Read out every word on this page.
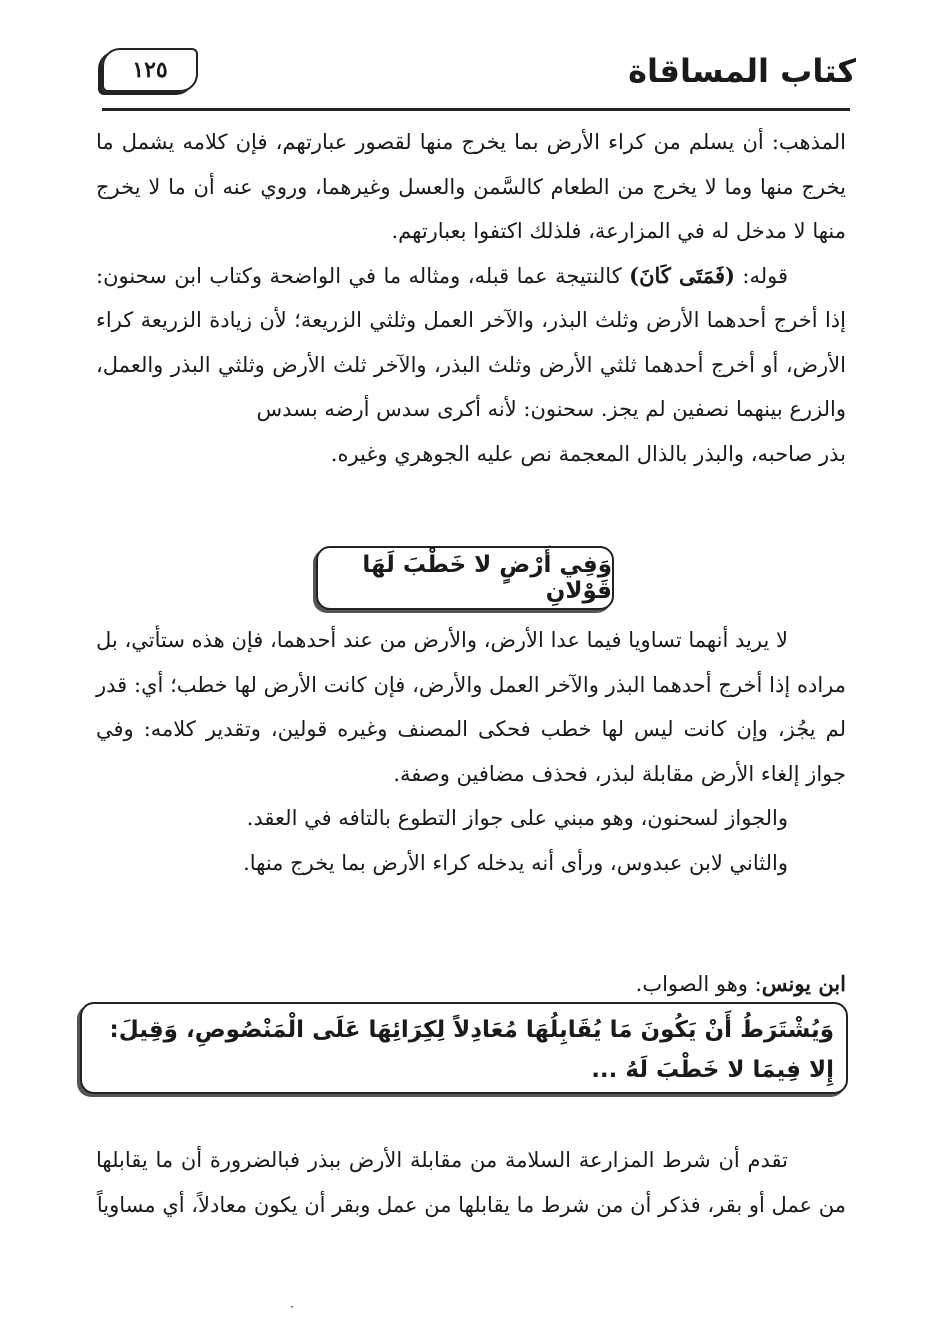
كتاب المساقاة
١٢٥

المذهب: أن يسلم من كراء الأرض بما يخرج منها لقصور عبارتهم، فإن كلامه يشمل ما يخرج منها وما لا يخرج من الطعام كالسَّمن والعسل وغيرهما، وروي عنه أن ما لا يخرج منها لا مدخل له في المزارعة، فلذلك اكتفوا بعبارتهم.

قوله: (فَمَتَى كَانَ) كالنتيجة عما قبله، ومثاله ما في الواضحة وكتاب ابن سحنون: إذا أخرج أحدهما الأرض وثلث البذر، والآخر العمل وثلثي الزريعة؛ لأن زيادة الزريعة كراء الأرض، أو أخرج أحدهما ثلثي الأرض وثلث البذر، والآخر ثلث الأرض وثلثي البذر والعمل، والزرع بينهما نصفين لم يجز. سحنون: لأنه أكرى سدس أرضه بسدس

بذر صاحبه، والبذر بالذال المعجمة نص عليه الجوهري وغيره.

وَفِي أَرْضٍ لا خَطْبَ لَهَا قَوْلانِ

لا يريد أنهما تساويا فيما عدا الأرض، والأرض من عند أحدهما، فإن هذه ستأتي، بل مراده إذا أخرج أحدهما البذر والآخر العمل والأرض، فإن كانت الأرض لها خطب؛ أي: قدر لم يجُز، وإن كانت ليس لها خطب فحكى المصنف وغيره قولين، وتقدير كلامه: وفي جواز إلغاء الأرض مقابلة لبذر، فحذف مضافين وصفة.

والجواز لسحنون، وهو مبني على جواز التطوع بالتافه في العقد.

والثاني لابن عبدوس، ورأى أنه يدخله كراء الأرض بما يخرج منها.

ابن يونس: وهو الصواب.

وَيُشْتَرَطُ أَنْ يَكُونَ مَا يُقَابِلُهَا مُعَادِلاً لِكِرَائِهَا عَلَى الْمَنْصُوصِ، وَقِيلَ: إِلا فِيمَا لا خَطْبَ لَهُ ...

تقدم أن شرط المزارعة السلامة من مقابلة الأرض ببذر فبالضرورة أن ما يقابلها من عمل أو بقر، فذكر أن من شرط ما يقابلها من عمل وبقر أن يكون معادلاً، أي مساوياً

·
